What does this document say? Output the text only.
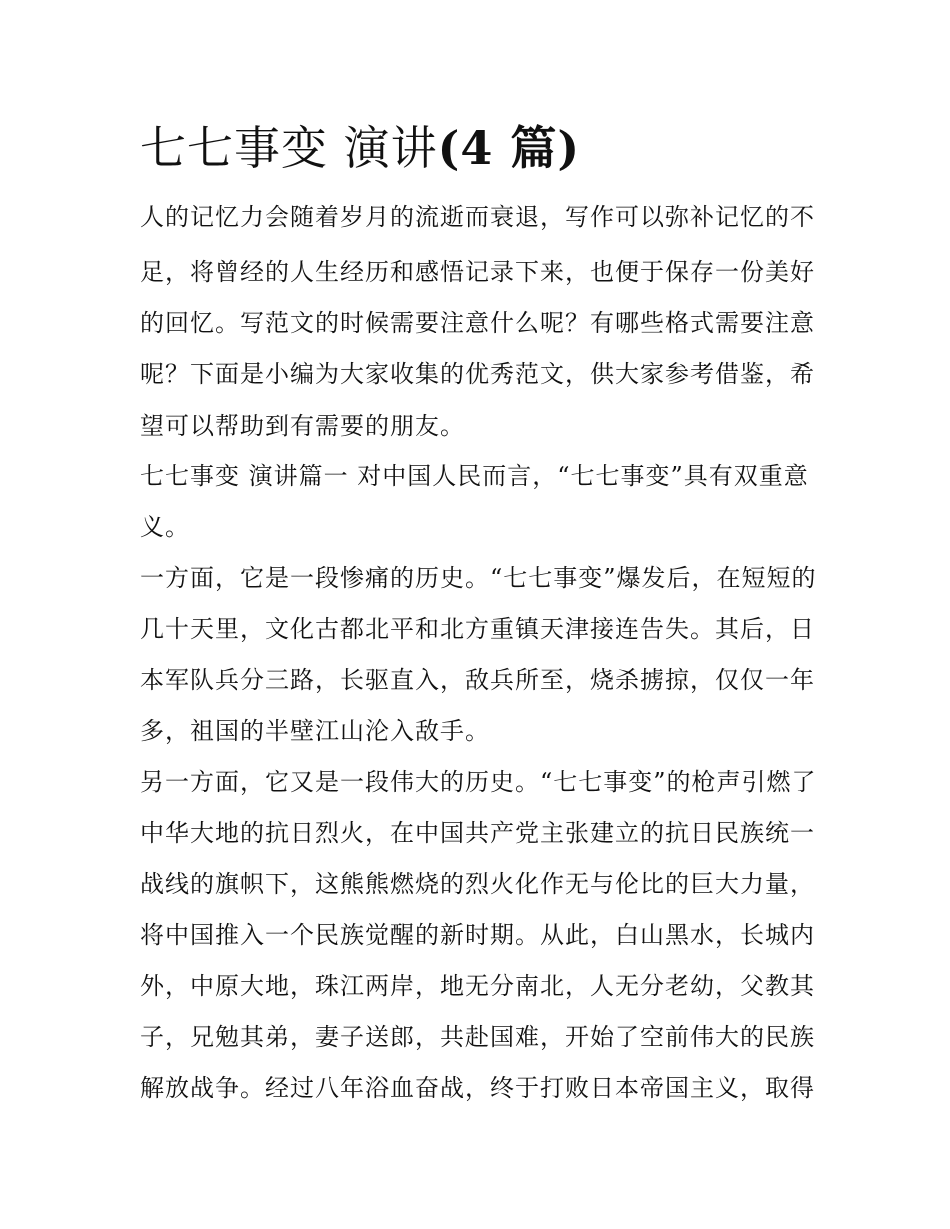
七七事变 演讲(4 篇)

人的记忆力会随着岁月的流逝而衰退，写作可以弥补记忆的不

足，将曾经的人生经历和感悟记录下来，也便于保存一份美好

的回忆。写范文的时候需要注意什么呢？有哪些格式需要注意

呢？下面是小编为大家收集的优秀范文，供大家参考借鉴，希

望可以帮助到有需要的朋友。

七七事变 演讲篇一 对中国人民而言，“七七事变”具有双重意

义。

一方面，它是一段惨痛的历史。“七七事变”爆发后，在短短的

几十天里，文化古都北平和北方重镇天津接连告失。其后，日

本军队兵分三路，长驱直入，敌兵所至，烧杀掳掠，仅仅一年

多，祖国的半壁江山沦入敌手。

另一方面，它又是一段伟大的历史。“七七事变”的枪声引燃了

中华大地的抗日烈火，在中国共产党主张建立的抗日民族统一

战线的旗帜下，这熊熊燃烧的烈火化作无与伦比的巨大力量，

将中国推入一个民族觉醒的新时期。从此，白山黑水，长城内

外，中原大地，珠江两岸，地无分南北，人无分老幼，父教其

子，兄勉其弟，妻子送郎，共赴国难，开始了空前伟大的民族

解放战争。经过八年浴血奋战，终于打败日本帝国主义，取得
